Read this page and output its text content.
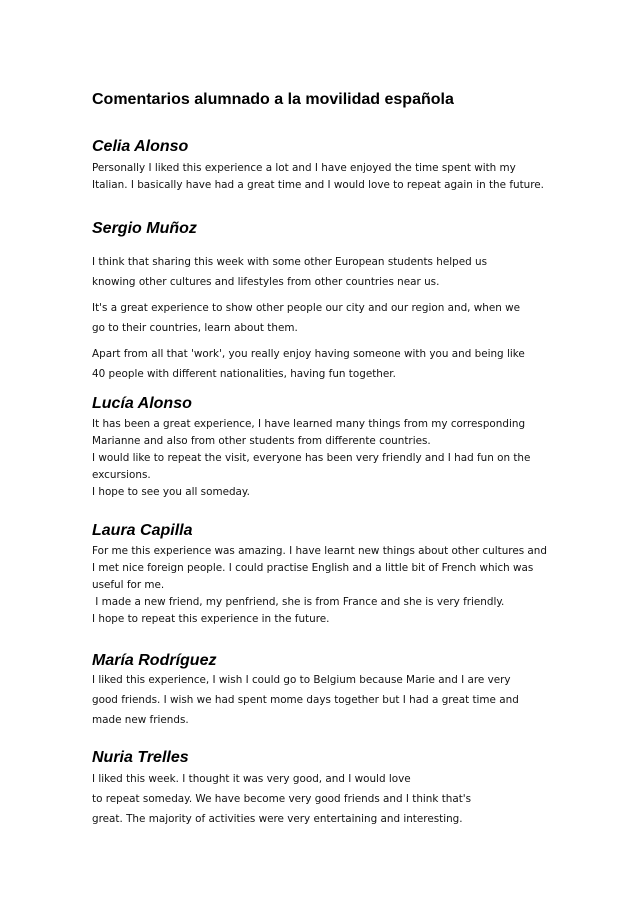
Comentarios alumnado a la movilidad española
Celia Alonso
Personally I liked this experience a lot and I have enjoyed the time spent with my
Italian. I basically have had a great time and I would love to repeat again in the future.
Sergio Muñoz
I think that sharing this week with some other European students helped us
knowing other cultures and lifestyles from other countries near us.
It's a great experience to show other people our city and our region and, when we
go to their countries, learn about them.
Apart from all that 'work', you really enjoy having someone with you and being like
40 people with different nationalities, having fun together.
Lucía Alonso
It has been a great experience, I have learned many things from my corresponding
Marianne and also from other students from differente countries.
I would like to repeat the visit, everyone has been very friendly and I had fun on the
excursions.
I hope to see you all someday.
Laura Capilla
For me this experience was amazing. I have learnt new things about other cultures and
I met nice foreign people. I could practise English and a little bit of French which was
useful for me.
I made a new friend, my penfriend, she is from France and she is very friendly.
I hope to repeat this experience in the future.
María Rodríguez
I liked this experience, I wish I could go to Belgium because Marie and I are very
good friends. I wish we had spent mome days together but I had a great time and
made new friends.
Nuria Trelles
I liked this week. I thought it was very good, and I would love
to repeat someday. We have become very good friends and I think that's
great. The majority of activities were very entertaining and interesting.
